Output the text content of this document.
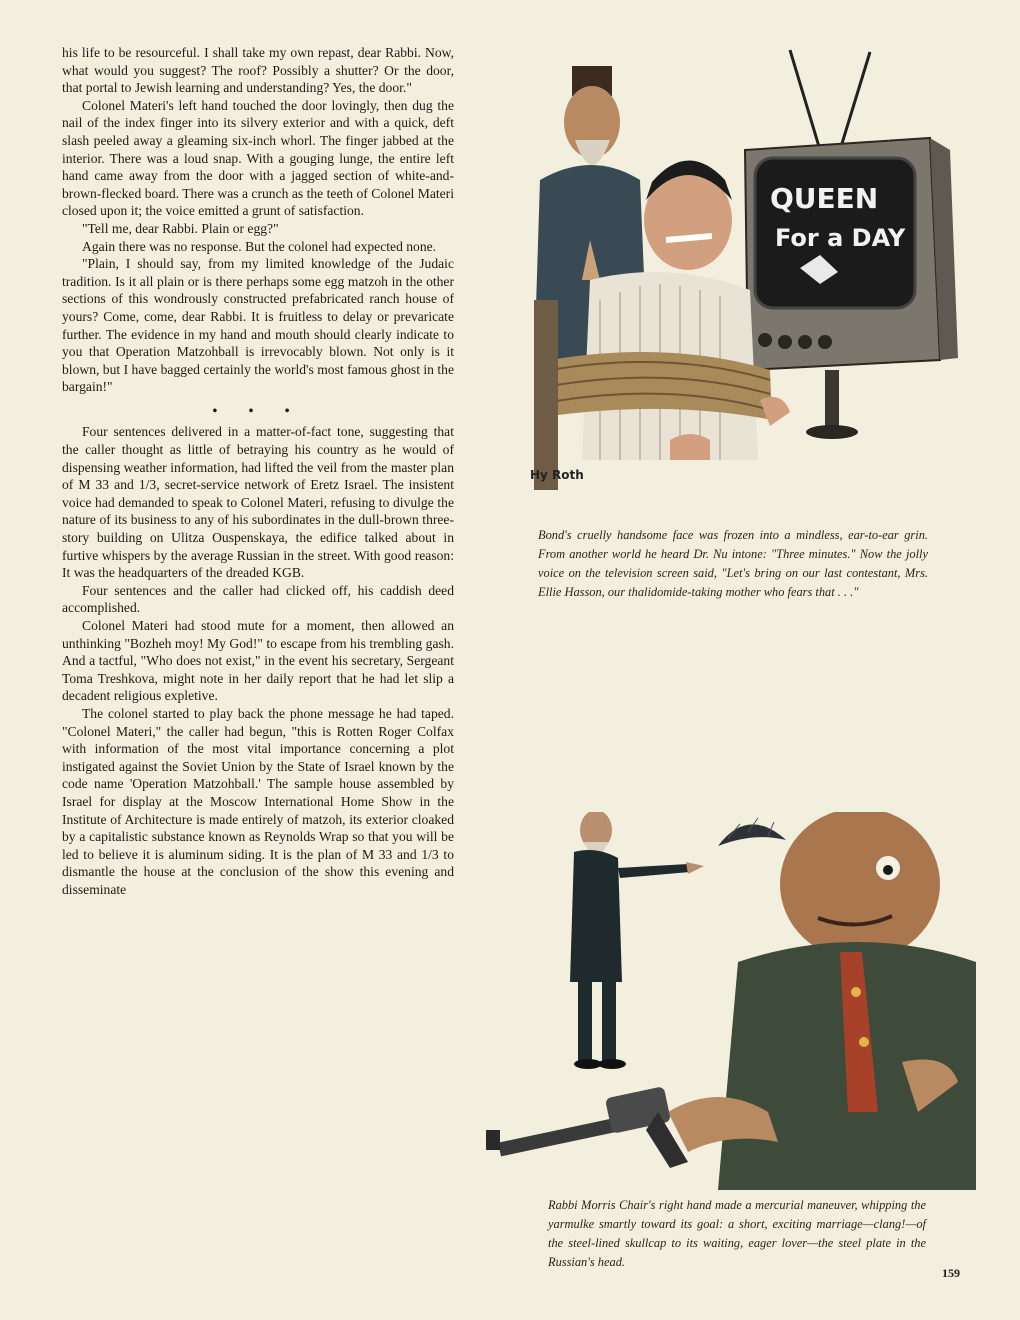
his life to be resourceful. I shall take my own repast, dear Rabbi. Now, what would you suggest? The roof? Possibly a shutter? Or the door, that portal to Jewish learning and understanding? Yes, the door."

Colonel Materi's left hand touched the door lovingly, then dug the nail of the index finger into its silvery exterior and with a quick, deft slash peeled away a gleaming six-inch whorl. The finger jabbed at the interior. There was a loud snap. With a gouging lunge, the entire left hand came away from the door with a jagged section of white-and-brown-flecked board. There was a crunch as the teeth of Colonel Materi closed upon it; the voice emitted a grunt of satisfaction.

"Tell me, dear Rabbi. Plain or egg?"

Again there was no response. But the colonel had expected none.

"Plain, I should say, from my limited knowledge of the Judaic tradition. Is it all plain or is there perhaps some egg matzoh in the other sections of this wondrously constructed prefabricated ranch house of yours? Come, come, dear Rabbi. It is fruitless to delay or prevaricate further. The evidence in my hand and mouth should clearly indicate to you that Operation Matzohball is irrevocably blown. Not only is it blown, but I have bagged certainly the world's most famous ghost in the bargain!"

• • •

Four sentences delivered in a matter-of-fact tone, suggesting that the caller thought as little of betraying his country as he would of dispensing weather information, had lifted the veil from the master plan of M 33 and 1/3, secret-service network of Eretz Israel. The insistent voice had demanded to speak to Colonel Materi, refusing to divulge the nature of its business to any of his subordinates in the dull-brown three-story building on Ulitza Ouspenskaya, the edifice talked about in furtive whispers by the average Russian in the street. With good reason: It was the headquarters of the dreaded KGB.

Four sentences and the caller had clicked off, his caddish deed accomplished.

Colonel Materi had stood mute for a moment, then allowed an unthinking "Bozheh moy! My God!" to escape from his trembling gash. And a tactful, "Who does not exist," in the event his secretary, Sergeant Toma Treshkova, might note in her daily report that he had let slip a decadent religious expletive.

The colonel started to play back the phone message he had taped. "Colonel Materi," the caller had begun, "this is Rotten Roger Colfax with information of the most vital importance concerning a plot instigated against the Soviet Union by the State of Israel known by the code name 'Operation Matzohball.' The sample house assembled by Israel for display at the Moscow International Home Show in the Institute of Architecture is made entirely of matzoh, its exterior cloaked by a capitalistic substance known as Reynolds Wrap so that you will be led to believe it is aluminum siding. It is the plan of M 33 and 1/3 to dismantle the house at the conclusion of the show this evening and disseminate

QUEEN
For a DAY
Hy Roth
Bond's cruelly handsome face was frozen into a mindless, ear-to-ear grin. From another world he heard Dr. Nu intone: "Three minutes." Now the jolly voice on the television screen said, "Let's bring on our last contestant, Mrs. Ellie Hasson, our thalidomide-taking mother who fears that . . ."

Rabbi Morris Chair's right hand made a mercurial maneuver, whipping the yarmulke smartly toward its goal: a short, exciting marriage—clang!—of the steel-lined skullcap to its waiting, eager lover—the steel plate in the Russian's head.
159
